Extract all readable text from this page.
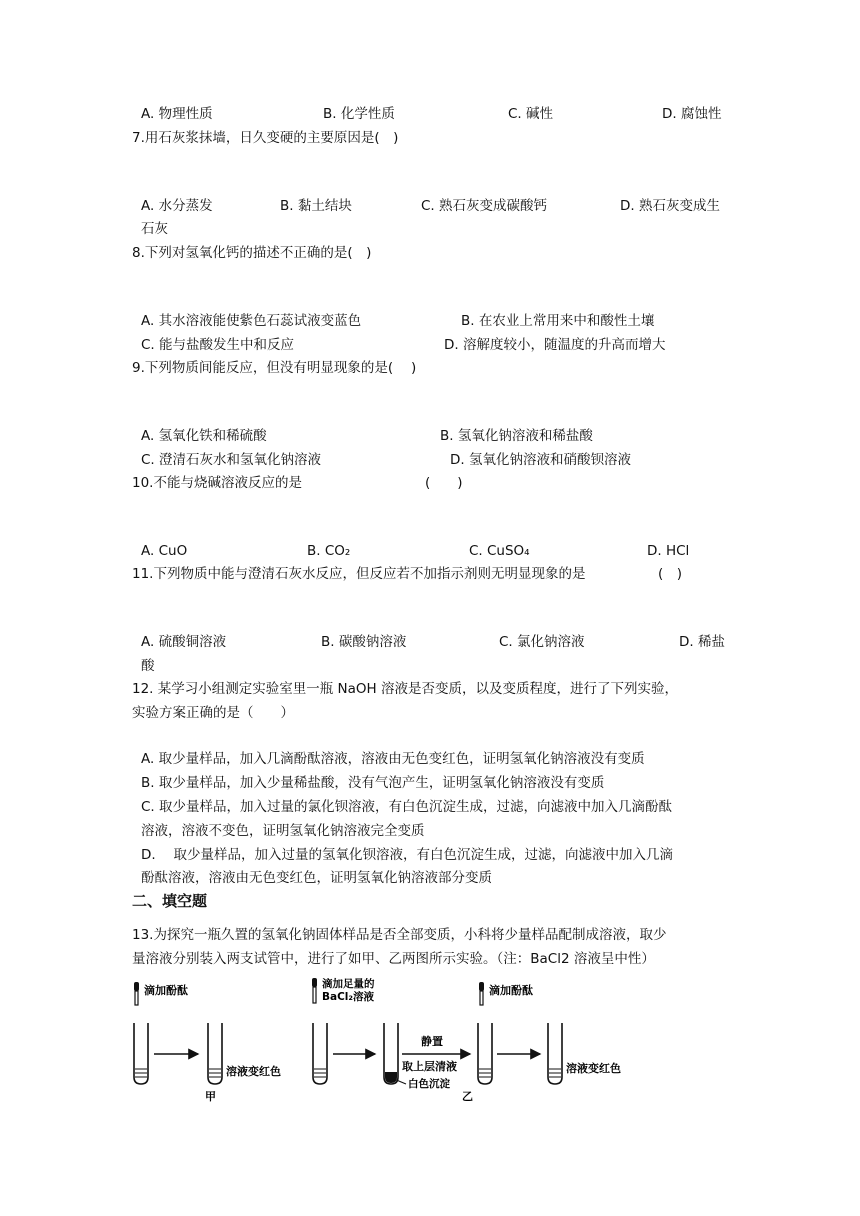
A. 物理性质	B. 化学性质	C. 碱性	D. 腐蚀性
7.用石灰浆抹墙，日久变硬的主要原因是(　)
A. 水分蒸发	B. 黏土结块	C. 熟石灰变成碳酸钙	D. 熟石灰变成生
石灰
8.下列对氢氧化钙的描述不正确的是(　)
A. 其水溶液能使紫色石蕊试液变蓝色	B. 在农业上常用来中和酸性土壤
C. 能与盐酸发生中和反应	D. 溶解度较小，随温度的升高而增大
9.下列物质间能反应，但没有明显现象的是(　 )
A. 氢氧化铁和稀硫酸	B. 氢氧化钠溶液和稀盐酸
C. 澄清石灰水和氢氧化钠溶液	D. 氢氧化钠溶液和硝酸钡溶液
10.不能与烧碱溶液反应的是	(　　)
A. CuO	B. CO₂	C. CuSO₄	D. HCl
11.下列物质中能与澄清石灰水反应，但反应若不加指示剂则无明显现象的是	(　)
A. 硫酸铜溶液	B. 碳酸钠溶液	C. 氯化钠溶液	D. 稀盐
酸
12. 某学习小组测定实验室里一瓶 NaOH 溶液是否变质，以及变质程度，进行了下列实验，
实验方案正确的是（　　）
A. 取少量样品，加入几滴酚酞溶液，溶液由无色变红色，证明氢氧化钠溶液没有变质
B. 取少量样品，加入少量稀盐酸，没有气泡产生，证明氢氧化钠溶液没有变质
C. 取少量样品，加入过量的氯化钡溶液，有白色沉淀生成，过滤，向滤液中加入几滴酚酞
溶液，溶液不变色，证明氢氧化钠溶液完全变质
D.　 取少量样品，加入过量的氢氧化钡溶液，有白色沉淀生成，过滤，向滤液中加入几滴
酚酞溶液，溶液由无色变红色，证明氢氧化钠溶液部分变质
二、填空题
13.为探究一瓶久置的氢氧化钠固体样品是否全部变质，小科将少量样品配制成溶液，取少
量溶液分别装入两支试管中，进行了如甲、乙两图所示实验。（注：BaCl2 溶液呈中性）
滴加酚酞
溶液变红色
甲
滴加足量的
BaCl₂溶液
白色沉淀
静置
取上层清液
滴加酚酞
溶液变红色
乙
